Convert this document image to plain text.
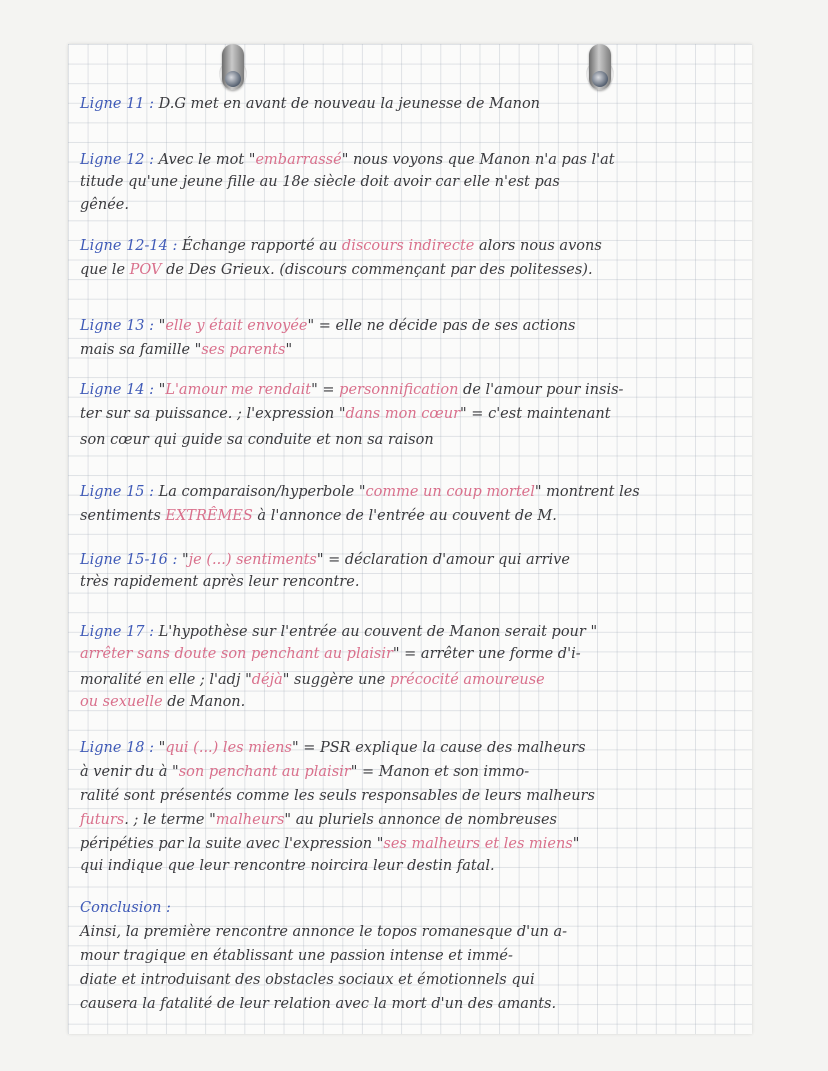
Ligne 11 : D.G met en avant de nouveau la jeunesse de Manon
Ligne 12 : Avec le mot "embarrassé" nous voyons que Manon n'a pas l'at
titude qu'une jeune fille au 18e siècle doit avoir car elle n'est pas
gênée.
Ligne 12-14 : Échange rapporté au discours indirecte alors nous avons
que le POV de Des Grieux. (discours commençant par des politesses).
Ligne 13 : "elle y était envoyée" = elle ne décide pas de ses actions
mais sa famille "ses parents"
Ligne 14 : "L'amour me rendait" = personnification de l'amour pour insis-
ter sur sa puissance. ; l'expression "dans mon cœur" = c'est maintenant
son cœur qui guide sa conduite et non sa raison
Ligne 15 : La comparaison/hyperbole "comme un coup mortel" montrent les
sentiments EXTRÊMES à l'annonce de l'entrée au couvent de M.
Ligne 15-16 : "je (...) sentiments" = déclaration d'amour qui arrive
très rapidement après leur rencontre.
Ligne 17 : L'hypothèse sur l'entrée au couvent de Manon serait pour "
arrêter sans doute son penchant au plaisir" = arrêter une forme d'i-
moralité en elle ; l'adj "déjà" suggère une précocité amoureuse
ou sexuelle de Manon.
Ligne 18 : "qui (...) les miens" = PSR explique la cause des malheurs
à venir du à "son penchant au plaisir" = Manon et son immo-
ralité sont présentés comme les seuls responsables de leurs malheurs
futurs. ; le terme "malheurs" au pluriels annonce de nombreuses
péripéties par la suite avec l'expression "ses malheurs et les miens"
qui indique que leur rencontre noircira leur destin fatal.
Conclusion :
Ainsi, la première rencontre annonce le topos romanesque d'un a-
mour tragique en établissant une passion intense et immé-
diate et introduisant des obstacles sociaux et émotionnels qui
causera la fatalité de leur relation avec la mort d'un des amants.
